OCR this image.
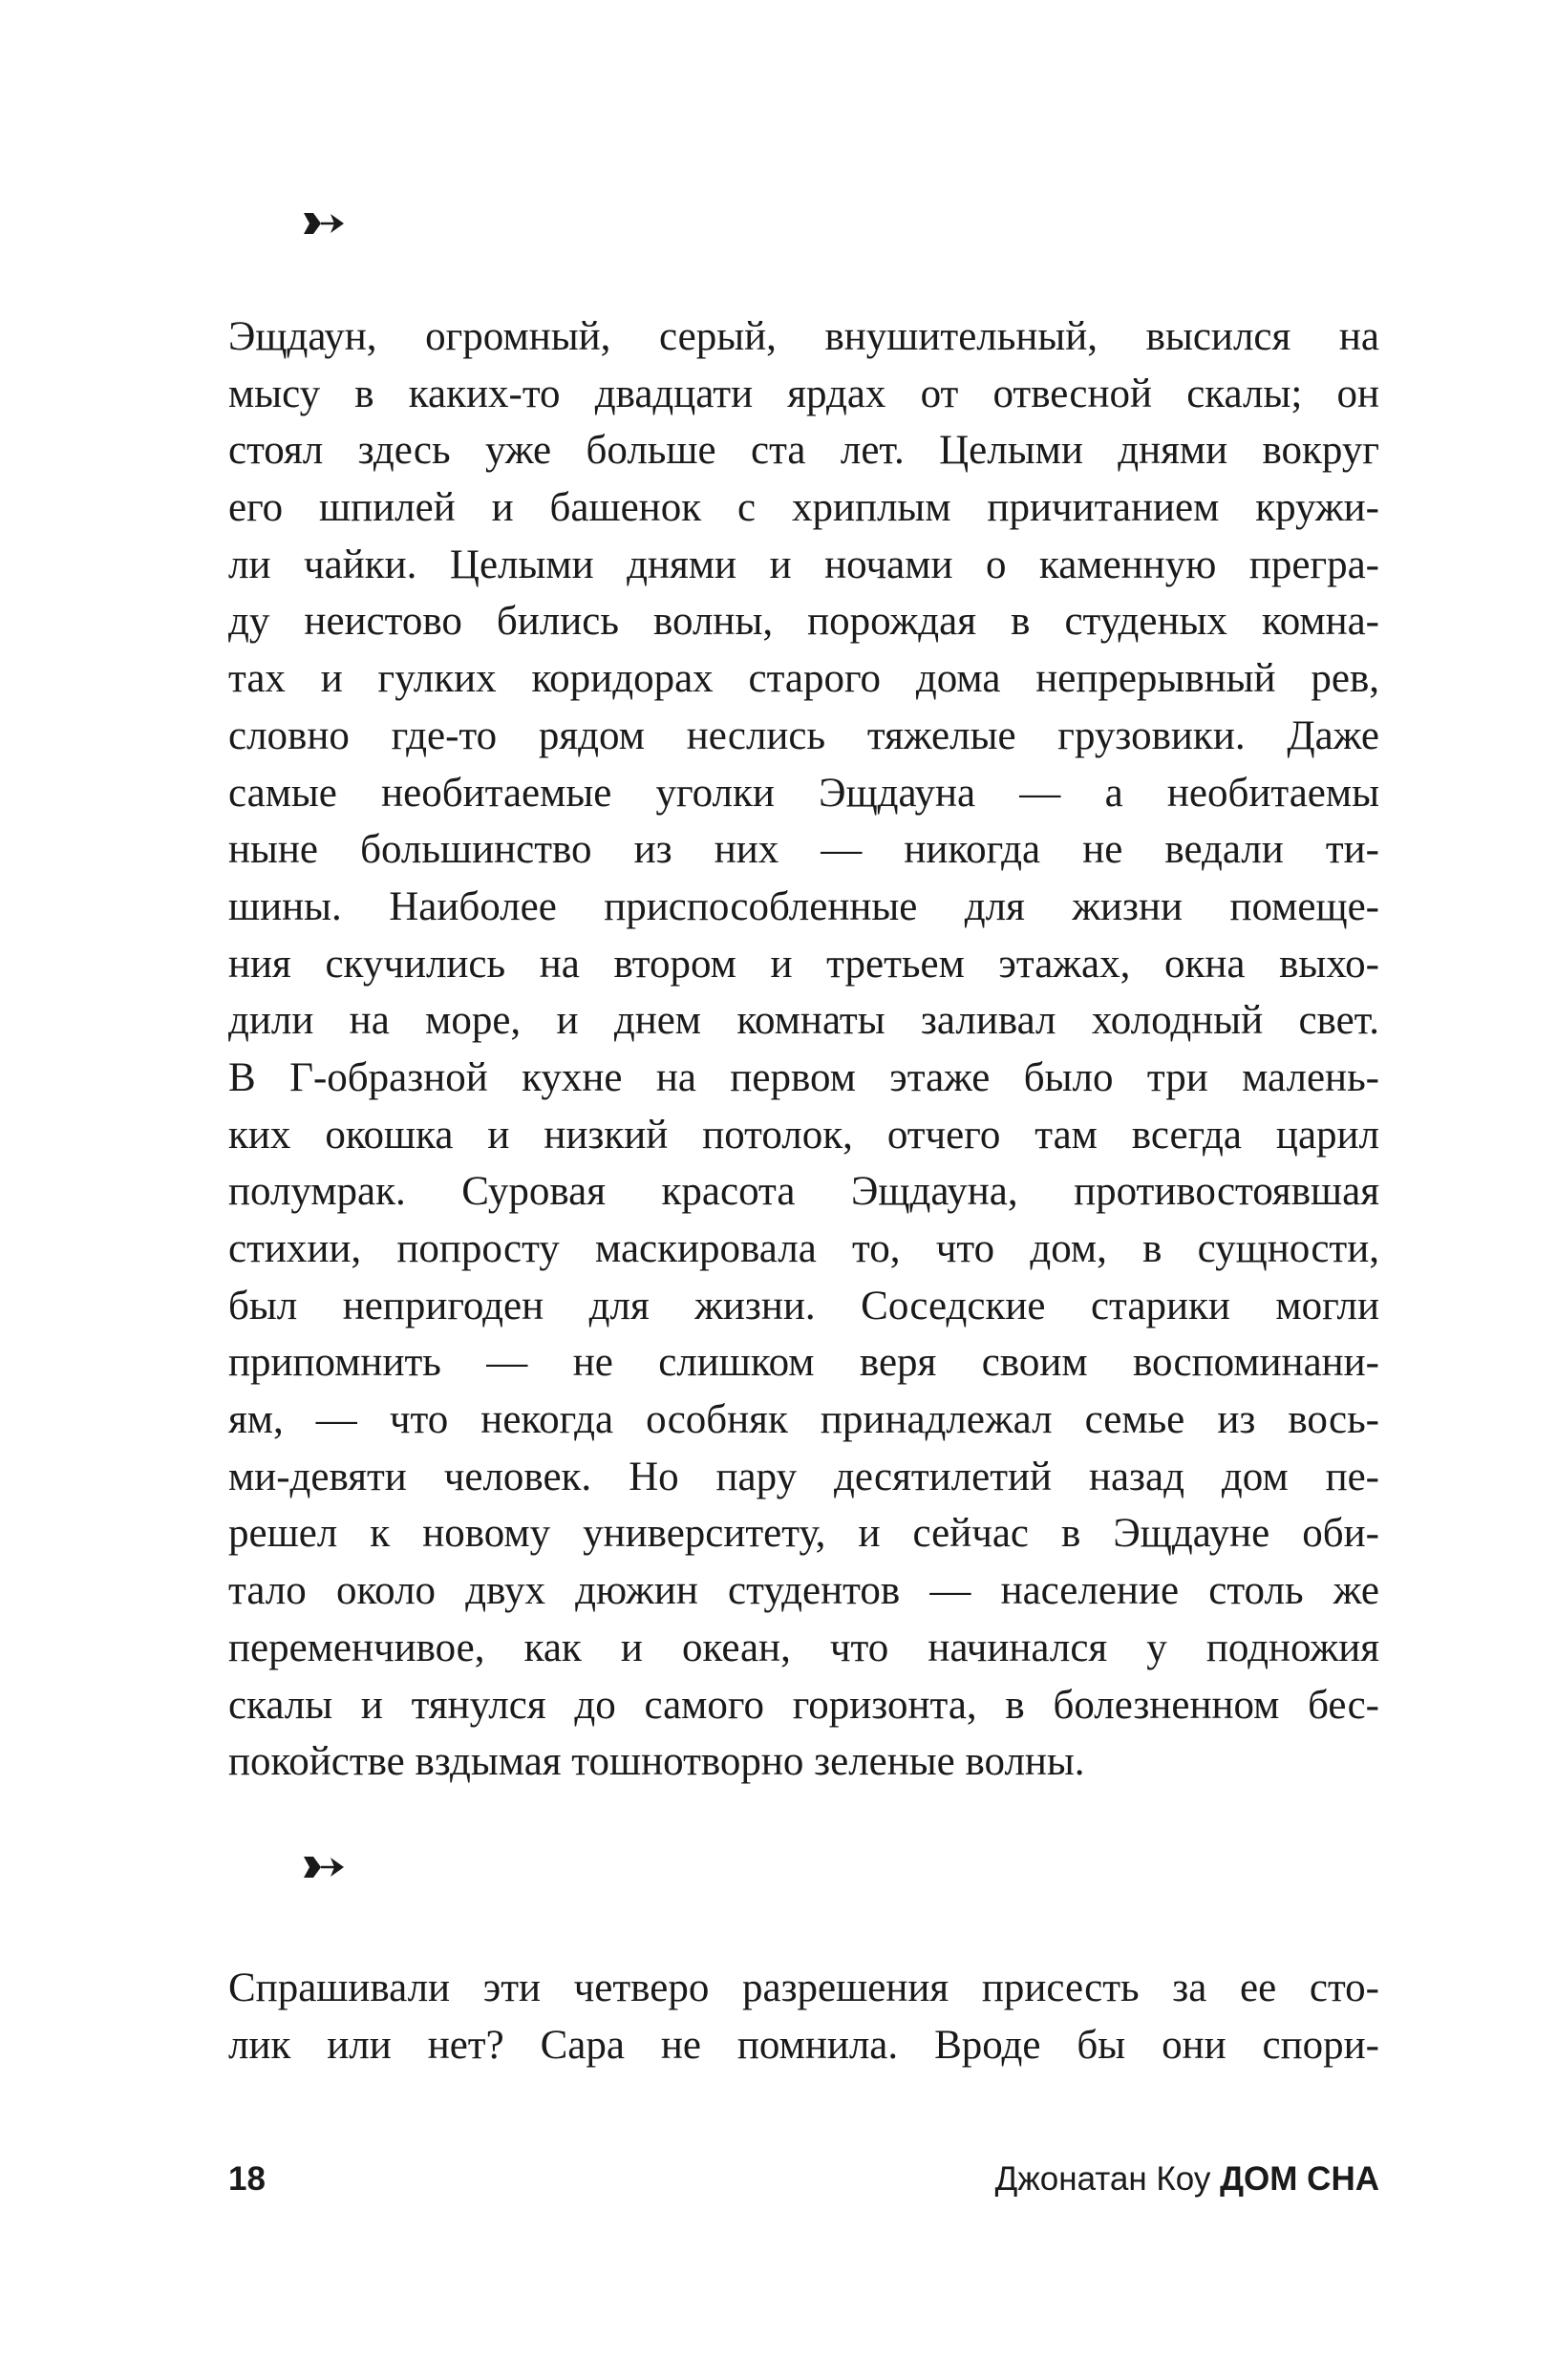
Эщдаун, огромный, серый, внушительный, высился на
мысу в каких-то двадцати ярдах от отвесной скалы; он
стоял здесь уже больше ста лет. Целыми днями вокруг
его шпилей и башенок с хриплым причитанием кружи-
ли чайки. Целыми днями и ночами о каменную прегра-
ду неистово бились волны, порождая в студеных комна-
тах и гулких коридорах старого дома непрерывный рев,
словно где-то рядом неслись тяжелые грузовики. Даже
самые необитаемые уголки Эщдауна — а необитаемы
ныне большинство из них — никогда не ведали ти-
шины. Наиболее приспособленные для жизни помеще-
ния скучились на втором и третьем этажах, окна выхо-
дили на море, и днем комнаты заливал холодный свет.
В Г-образной кухне на первом этаже было три малень-
ких окошка и низкий потолок, отчего там всегда царил
полумрак. Суровая красота Эщдауна, противостоявшая
стихии, попросту маскировала то, что дом, в сущности,
был непригоден для жизни. Соседские старики могли
припомнить — не слишком веря своим воспоминани-
ям, — что некогда особняк принадлежал семье из вось-
ми-девяти человек. Но пару десятилетий назад дом пе-
решел к новому университету, и сейчас в Эщдауне оби-
тало около двух дюжин студентов — население столь же
переменчивое, как и океан, что начинался у подножия
скалы и тянулся до самого горизонта, в болезненном бес-
покойстве вздымая тошнотворно зеленые волны.
Спрашивали эти четверо разрешения присесть за ее сто-
лик или нет? Сара не помнила. Вроде бы они спори-
18	Джонатан Коу ДОМ СНА
